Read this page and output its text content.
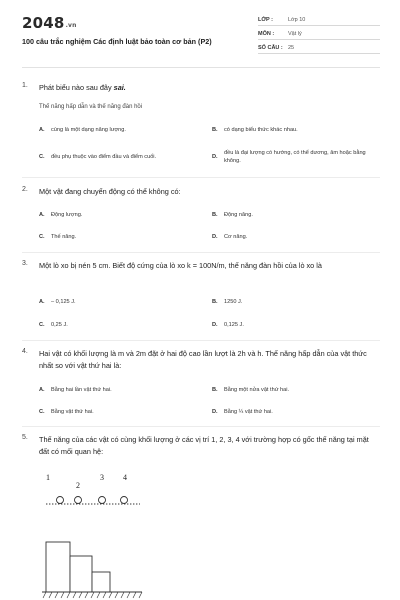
2048.vn
100 câu trắc nghiệm Các định luật bảo toàn cơ bản (P2)
LỚP :	Lớp 10
MÔN :	Vật lý
SỐ CÂU : 25
1. Phát biểu nào sau đây sai.
Thế năng hấp dẫn và thế năng đàn hồi
A. cùng là một dạng năng lượng.	B. có dạng biểu thức khác nhau.
C. đều phụ thuộc vào điểm đầu và điểm cuối.	D.
đều là đại lượng có hướng, có thể dương, âm hoặc bằng không.
2. Một vật đang chuyển động có thể không có:
A. Động lượng.	B. Động năng.
C. Thế năng.	D. Cơ năng.
3. Một lò xo bị nén 5 cm. Biết độ cứng của lò xo k = 100N/m, thế năng đàn hồi của lò xo là
A. – 0,125 J.	B. 1250 J.
C. 0,25 J.	D. 0,125 J.
4. Hai vật có khối lượng là m và 2m đặt ở hai độ cao lần lượt là 2h và h. Thế năng hấp dẫn của vật thức nhất so với vật thứ hai là:
A. Bằng hai lần vật thứ hai.	B. Bằng một nửa vật thứ hai.
C. Bằng vật thứ hai.	D. Bằng ¼ vật thứ hai.
5. Thế năng của các vật có cùng khối lượng ở các vị trí 1, 2, 3, 4 với trường hợp có gốc thế năng tại mặt đất có mối quan hệ:
1
2
3 4
